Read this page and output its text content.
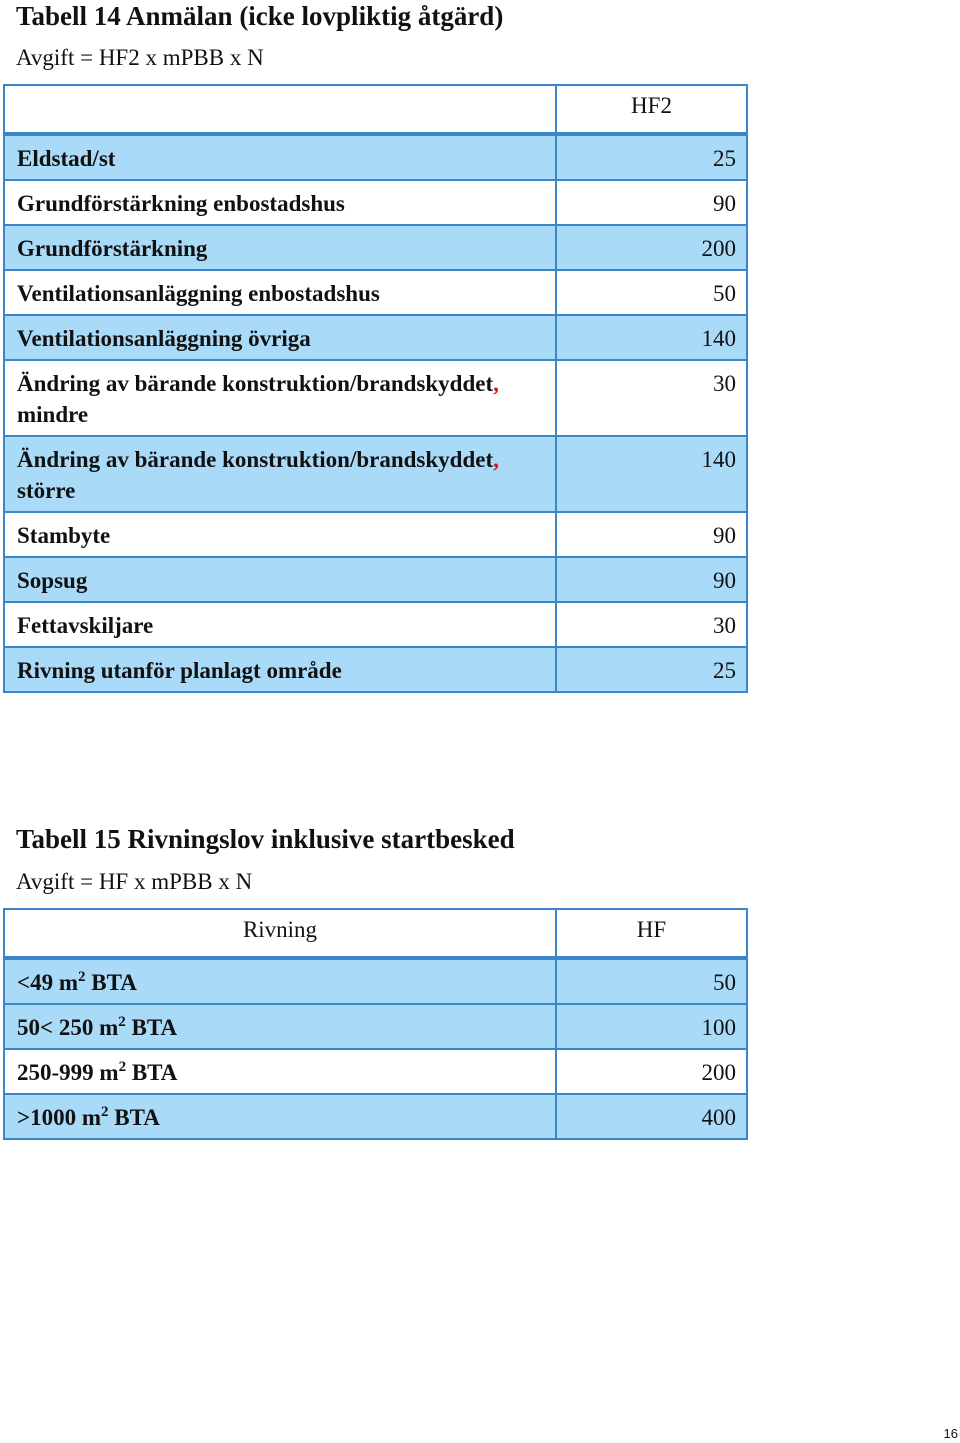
Tabell 14 Anmälan (icke lovpliktig åtgärd)

Avgift = HF2 x mPBB x N

	HF2
Eldstad/st	25
Grundförstärkning enbostadshus	90
Grundförstärkning	200
Ventilationsanläggning enbostadshus	50
Ventilationsanläggning övriga	140
Ändring av bärande konstruktion/brandskyddet,
mindre	30
Ändring av bärande konstruktion/brandskyddet,
större	140
Stambyte	90
Sopsug	90
Fettavskiljare	30
Rivning utanför planlagt område	25
Tabell 15 Rivningslov inklusive startbesked

Avgift = HF x mPBB x N

Rivning	HF
<49 $m^2$ BTA	50
50< 250 $m^2$ BTA	100
250-999 $m^2$ BTA	200
>1000 $m^2$ BTA	400
16
